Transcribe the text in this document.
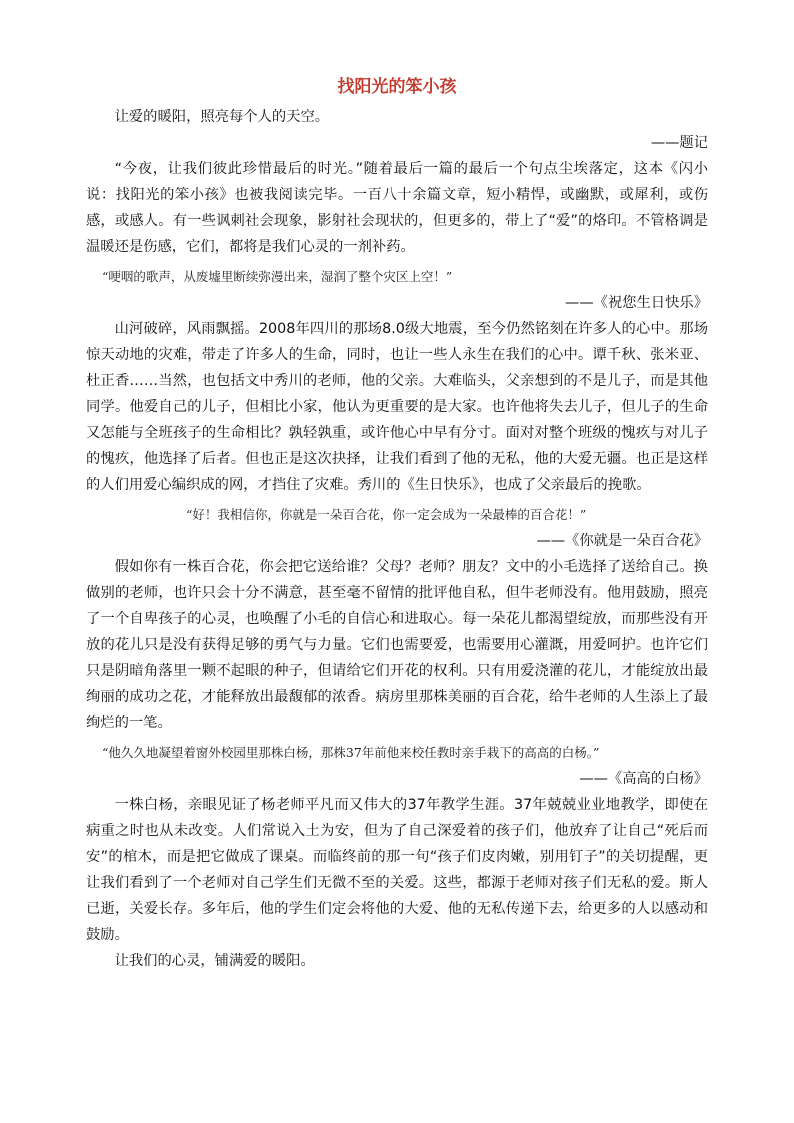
找阳光的笨小孩

让爱的暖阳，照亮每个人的天空。

——题记

“今夜，让我们彼此珍惜最后的时光。”随着最后一篇的最后一个句点尘埃落定，这本《闪小说：找阳光的笨小孩》也被我阅读完毕。一百八十余篇文章，短小精悍，或幽默，或犀利，或伤感，或感人。有一些讽刺社会现象，影射社会现状的，但更多的，带上了“爱”的烙印。不管格调是温暖还是伤感，它们，都将是我们心灵的一剂补药。

“哽咽的歌声，从废墟里断续弥漫出来，湿润了整个灾区上空！”

——《祝您生日快乐》

山河破碎，风雨飘摇。2008年四川的那场8.0级大地震，至今仍然铭刻在许多人的心中。那场惊天动地的灾难，带走了许多人的生命，同时，也让一些人永生在我们的心中。谭千秋、张米亚、杜正香……当然，也包括文中秀川的老师，他的父亲。大难临头，父亲想到的不是儿子，而是其他同学。他爱自己的儿子，但相比小家，他认为更重要的是大家。也许他将失去儿子，但儿子的生命又怎能与全班孩子的生命相比？孰轻孰重，或许他心中早有分寸。面对对整个班级的愧疚与对儿子的愧疚，他选择了后者。但也正是这次抉择，让我们看到了他的无私，他的大爱无疆。也正是这样的人们用爱心编织成的网，才挡住了灾难。秀川的《生日快乐》，也成了父亲最后的挽歌。

“好！我相信你，你就是一朵百合花，你一定会成为一朵最棒的百合花！”

——《你就是一朵百合花》

假如你有一株百合花，你会把它送给谁？父母？老师？朋友？文中的小毛选择了送给自己。换做别的老师，也许只会十分不满意，甚至毫不留情的批评他自私，但牛老师没有。他用鼓励，照亮了一个自卑孩子的心灵，也唤醒了小毛的自信心和进取心。每一朵花儿都渴望绽放，而那些没有开放的花儿只是没有获得足够的勇气与力量。它们也需要爱，也需要用心灌溉，用爱呵护。也许它们只是阴暗角落里一颗不起眼的种子，但请给它们开花的权利。只有用爱浇灌的花儿，才能绽放出最绚丽的成功之花，才能释放出最馥郁的浓香。病房里那株美丽的百合花，给牛老师的人生添上了最绚烂的一笔。

“他久久地凝望着窗外校园里那株白杨，那株37年前他来校任教时亲手栽下的高高的白杨。”

——《高高的白杨》

一株白杨，亲眼见证了杨老师平凡而又伟大的37年教学生涯。37年兢兢业业地教学，即使在病重之时也从未改变。人们常说入土为安，但为了自己深爱着的孩子们，他放弃了让自己“死后而安”的棺木，而是把它做成了课桌。而临终前的那一句“孩子们皮肉嫩，别用钉子”的关切提醒，更让我们看到了一个老师对自己学生们无微不至的关爱。这些，都源于老师对孩子们无私的爱。斯人已逝，关爱长存。多年后，他的学生们定会将他的大爱、他的无私传递下去，给更多的人以感动和鼓励。

让我们的心灵，铺满爱的暖阳。
